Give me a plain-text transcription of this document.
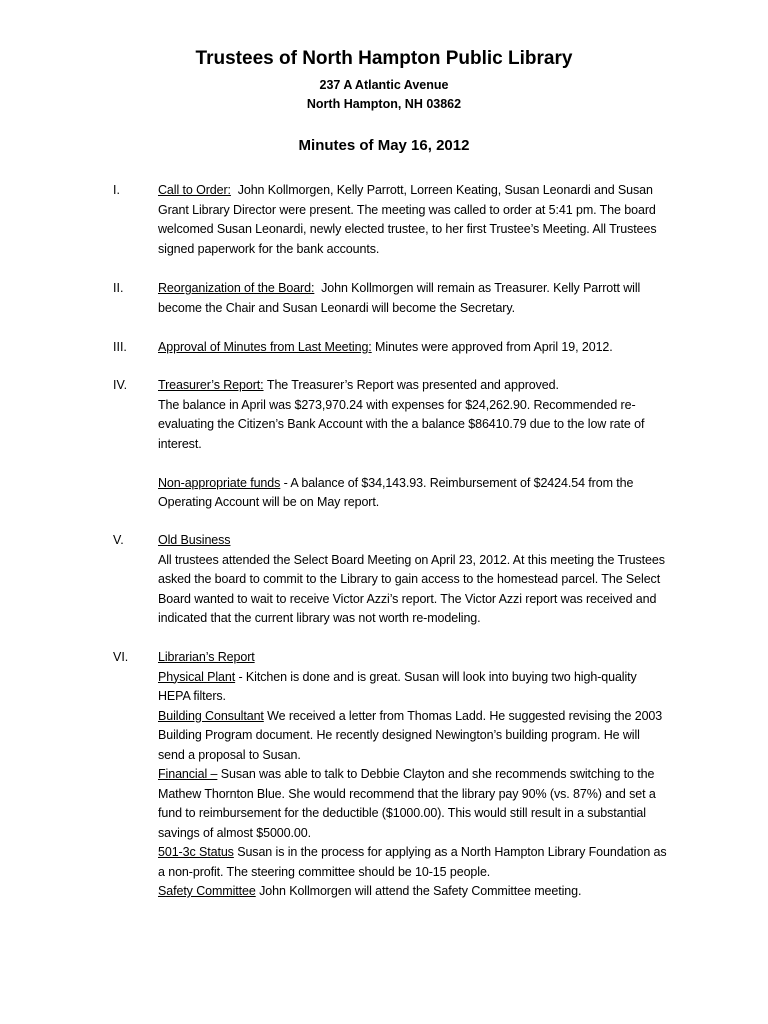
Trustees of North Hampton Public Library
237 A Atlantic Avenue
North Hampton, NH 03862
Minutes of May 16, 2012
I.	Call to Order: John Kollmorgen, Kelly Parrott, Lorreen Keating, Susan Leonardi and Susan Grant Library Director were present. The meeting was called to order at 5:41 pm. The board welcomed Susan Leonardi, newly elected trustee, to her first Trustee’s Meeting. All Trustees signed paperwork for the bank accounts.

II.	Reorganization of the Board: John Kollmorgen will remain as Treasurer. Kelly Parrott will become the Chair and Susan Leonardi will become the Secretary.

III. Approval of Minutes from Last Meeting: Minutes were approved from April 19, 2012.

IV. Treasurer’s Report: The Treasurer’s Report was presented and approved.

The balance in April was $273,970.24 with expenses for $24,262.90. Recommended re-evaluating the Citizen’s Bank Account with the a balance $86410.79 due to the low rate of interest.

Non-appropriate funds - A balance of $34,143.93. Reimbursement of $2424.54 from the Operating Account will be on May report.

V.	Old Business

All trustees attended the Select Board Meeting on April 23, 2012. At this meeting the Trustees asked the board to commit to the Library to gain access to the homestead parcel. The Select Board wanted to wait to receive Victor Azzi’s report. The Victor Azzi report was received and indicated that the current library was not worth re-modeling.

VI. Librarian’s Report

Physical Plant - Kitchen is done and is great. Susan will look into buying two high-quality HEPA filters.

Building Consultant We received a letter from Thomas Ladd. He suggested revising the 2003 Building Program document. He recently designed Newington’s building program. He will send a proposal to Susan.

Financial – Susan was able to talk to Debbie Clayton and she recommends switching to the Mathew Thornton Blue. She would recommend that the library pay 90% (vs. 87%) and set a fund to reimbursement for the deductible ($1000.00). This would still result in a substantial savings of almost $5000.00.

501-3c Status Susan is in the process for applying as a North Hampton Library Foundation as a non-profit. The steering committee should be 10-15 people.

Safety Committee John Kollmorgen will attend the Safety Committee meeting.
